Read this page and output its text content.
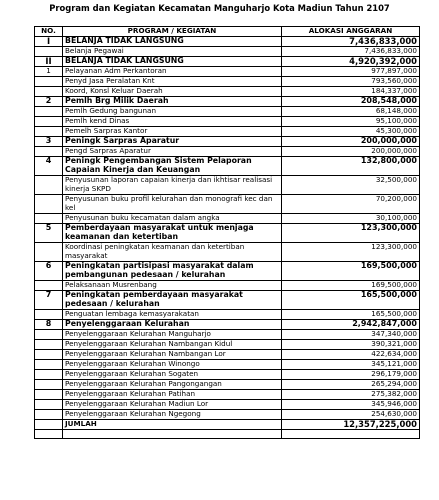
Program dan Kegiatan Kecamatan Manguharjo Kota Madiun Tahun 2107
NO.	PROGRAM / KEGIATAN	ALOKASI ANGGARAN
I	BELANJA TIDAK LANGSUNG	7,436,833,000
	Belanja Pegawai	7,436,833,000
II	BELANJA TIDAK LANGSUNG	4,920,392,000
1	Pelayanan Adm Perkantoran	977,897,000
	Penyd Jasa Peralatan Knt	793,560,000
	Koord, Konsl Keluar Daerah	184,337,000
2	Pemlh Brg Milik Daerah	208,548,000
	Pemlh Gedung bangunan	68,148,000
	Pemlh kend Dinas	95,100,000
	Pemelh Sarpras Kantor	45,300,000
3	Peningk Sarpras Aparatur	200,000,000
	Pengd Sarpras Aparatur	200,000,000
4	Peningk Pengembangan Sistem Pelaporan Capaian Kinerja dan Keuangan	132,800,000
	Penyusunan laporan capaian kinerja dan ikhtisar realisasi kinerja SKPD	32,500,000
	Penyusunan buku profil kelurahan dan monografi kec dan kel	70,200,000
	Penyusunan buku kecamatan dalam angka	30,100,000
5	Pemberdayaan masyarakat untuk menjaga keamanan dan ketertiban	123,300,000
	Koordinasi peningkatan keamanan dan ketertiban masyarakat	123,300,000
6	Peningkatan partisipasi masyarakat dalam pembangunan pedesaan / kelurahan	169,500,000
	Pelaksanaan Musrenbang	169,500,000
7	Peningkatan pemberdayaan masyarakat pedesaan / kelurahan	165,500,000
	Penguatan lembaga kemasyarakatan	165,500,000
8	Penyelenggaraan Kelurahan	2,942,847,000
	Penyelenggaraan Kelurahan Manguharjo	347,340,000
	Penyelenggaraan Kelurahan Nambangan Kidul	390,321,000
	Penyelenggaraan Kelurahan Nambangan Lor	422,634,000
	Penyelenggaraan Kelurahan Winongo	345,121,000
	Penyelenggaraan Kelurahan Sogaten	296,179,000
	Penyelenggaraan Kelurahan Pangongangan	265,294,000
	Penyelenggaraan Kelurahan Patihan	275,382,000
	Penyelenggaraan Kelurahan Madiun Lor	345,946,000
	Penyelenggaraan Kelurahan Ngegong	254,630,000
	JUMLAH	12,357,225,000
